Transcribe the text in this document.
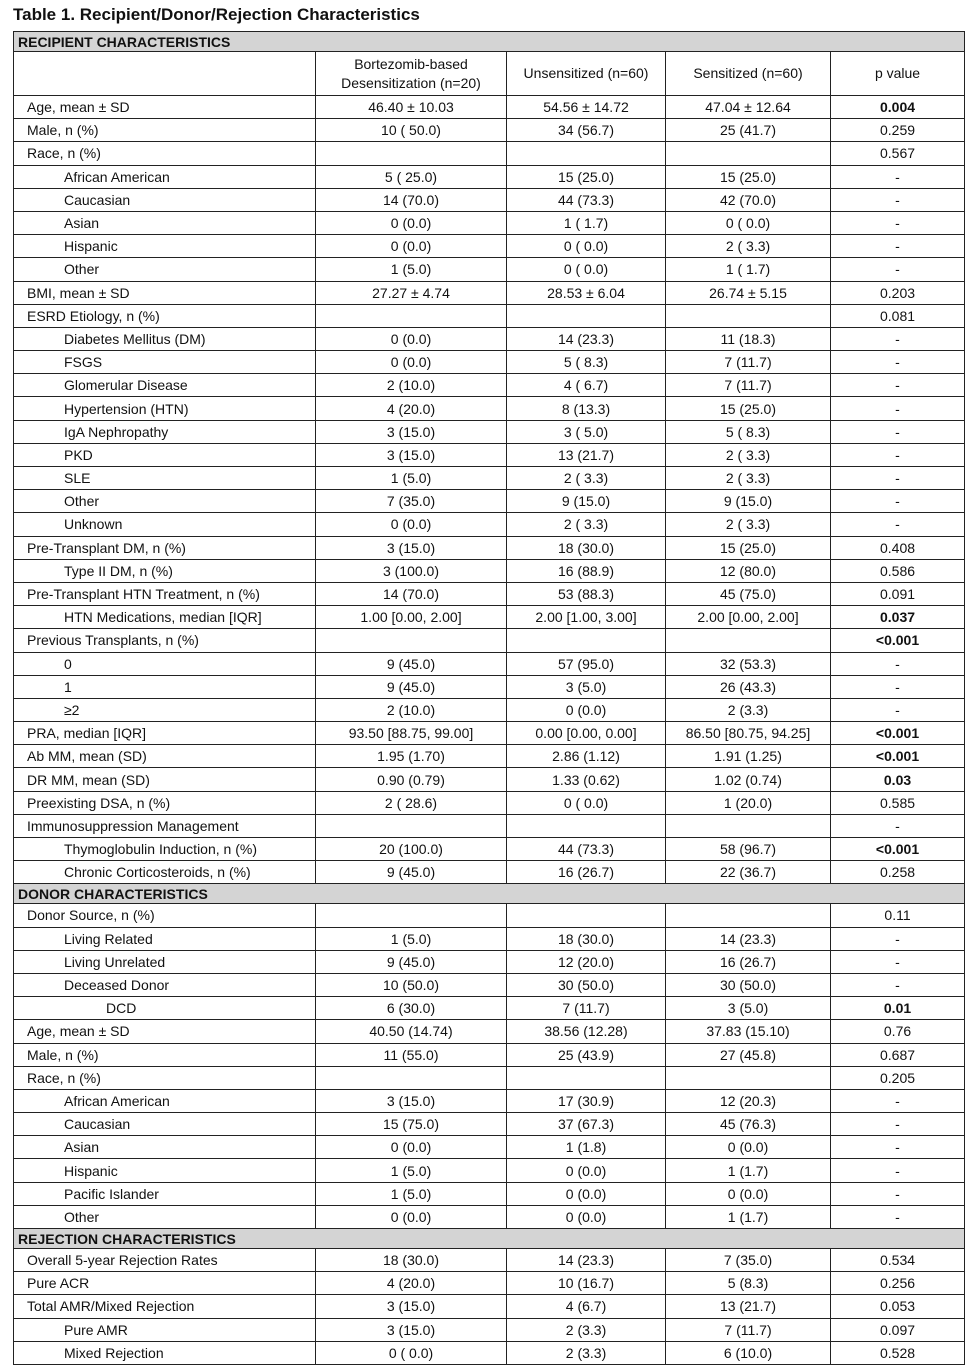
Table 1. Recipient/Donor/Rejection Characteristics
RECIPIENT CHARACTERISTICS				
	Bortezomib-based Desensitization (n=20)	Unsensitized (n=60)	Sensitized (n=60)	p value
Age, mean ± SD	46.40 ± 10.03	54.56 ± 14.72	47.04 ± 12.64	0.004
Male, n (%)	10 ( 50.0)	34 (56.7)	25 (41.7)	0.259
Race, n (%)				0.567
African American	5 ( 25.0)	15 (25.0)	15 (25.0)	-
Caucasian	14 (70.0)	44 (73.3)	42 (70.0)	-
Asian	0 (0.0)	1 ( 1.7)	0 ( 0.0)	-
Hispanic	0 (0.0)	0 ( 0.0)	2 ( 3.3)	-
Other	1 (5.0)	0 ( 0.0)	1 ( 1.7)	-
BMI, mean ± SD	27.27 ± 4.74	28.53 ± 6.04	26.74 ± 5.15	0.203
ESRD Etiology, n (%)				0.081
Diabetes Mellitus (DM)	0 (0.0)	14 (23.3)	11 (18.3)	-
FSGS	0 (0.0)	5 ( 8.3)	7 (11.7)	-
Glomerular Disease	2 (10.0)	4 ( 6.7)	7 (11.7)	-
Hypertension (HTN)	4 (20.0)	8 (13.3)	15 (25.0)	-
IgA Nephropathy	3 (15.0)	3 ( 5.0)	5 ( 8.3)	-
PKD	3 (15.0)	13 (21.7)	2 ( 3.3)	-
SLE	1 (5.0)	2 ( 3.3)	2 ( 3.3)	-
Other	7 (35.0)	9 (15.0)	9 (15.0)	-
Unknown	0 (0.0)	2 ( 3.3)	2 ( 3.3)	-
Pre-Transplant DM, n (%)	3 (15.0)	18 (30.0)	15 (25.0)	0.408
Type II DM, n (%)	3 (100.0)	16 (88.9)	12 (80.0)	0.586
Pre-Transplant HTN Treatment, n (%)	14 (70.0)	53 (88.3)	45 (75.0)	0.091
HTN Medications, median [IQR]	1.00 [0.00, 2.00]	2.00 [1.00, 3.00]	2.00 [0.00, 2.00]	0.037
Previous Transplants, n (%)				<0.001
0	9 (45.0)	57 (95.0)	32 (53.3)	-
1	9 (45.0)	3 (5.0)	26 (43.3)	-
≥2	2 (10.0)	0 (0.0)	2 (3.3)	-
PRA, median [IQR]	93.50 [88.75, 99.00]	0.00 [0.00, 0.00]	86.50 [80.75, 94.25]	<0.001
Ab MM, mean (SD)	1.95 (1.70)	2.86 (1.12)	1.91 (1.25)	<0.001
DR MM, mean (SD)	0.90 (0.79)	1.33 (0.62)	1.02 (0.74)	0.03
Preexisting DSA, n (%)	2 ( 28.6)	0 ( 0.0)	1 (20.0)	0.585
Immunosuppression Management				-
Thymoglobulin Induction, n (%)	20 (100.0)	44 (73.3)	58 (96.7)	<0.001
Chronic Corticosteroids, n (%)	9 (45.0)	16 (26.7)	22 (36.7)	0.258
DONOR CHARACTERISTICS				
Donor Source, n (%)				0.11
Living Related	1 (5.0)	18 (30.0)	14 (23.3)	-
Living Unrelated	9 (45.0)	12 (20.0)	16 (26.7)	-
Deceased Donor	10 (50.0)	30 (50.0)	30 (50.0)	-
DCD	6 (30.0)	7 (11.7)	3 (5.0)	0.01
Age, mean ± SD	40.50 (14.74)	38.56 (12.28)	37.83 (15.10)	0.76
Male, n (%)	11 (55.0)	25 (43.9)	27 (45.8)	0.687
Race, n (%)				0.205
African American	3 (15.0)	17 (30.9)	12 (20.3)	-
Caucasian	15 (75.0)	37 (67.3)	45 (76.3)	-
Asian	0 (0.0)	1 (1.8)	0 (0.0)	-
Hispanic	1 (5.0)	0 (0.0)	1 (1.7)	-
Pacific Islander	1 (5.0)	0 (0.0)	0 (0.0)	-
Other	0 (0.0)	0 (0.0)	1 (1.7)	-
REJECTION CHARACTERISTICS				
Overall 5-year Rejection Rates	18 (30.0)	14 (23.3)	7 (35.0)	0.534
Pure ACR	4 (20.0)	10 (16.7)	5 (8.3)	0.256
Total AMR/Mixed Rejection	3 (15.0)	4 (6.7)	13 (21.7)	0.053
Pure AMR	3 (15.0)	2 (3.3)	7 (11.7)	0.097
Mixed Rejection	0 ( 0.0)	2 (3.3)	6 (10.0)	0.528
